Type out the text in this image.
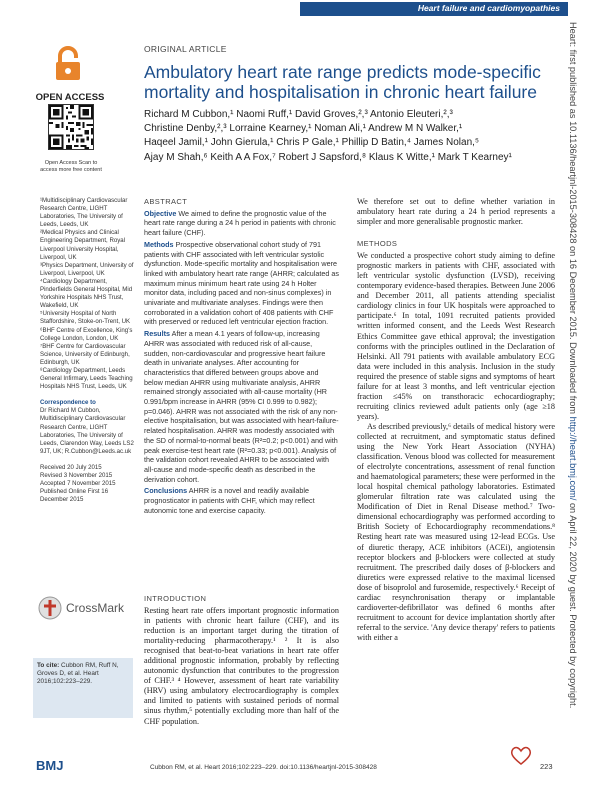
Heart failure and cardiomyopathies
OPEN ACCESS
Open Access Scan to access more free content
ORIGINAL ARTICLE
Ambulatory heart rate range predicts mode-specific mortality and hospitalisation in chronic heart failure
Richard M Cubbon,¹ Naomi Ruff,¹ David Groves,²,³ Antonio Eleuteri,²,³
Christine Denby,²,³ Lorraine Kearney,¹ Noman Ali,¹ Andrew M N Walker,¹
Haqeel Jamil,¹ John Gierula,¹ Chris P Gale,¹ Phillip D Batin,⁴ James Nolan,⁵
Ajay M Shah,⁶ Keith A A Fox,⁷ Robert J Sapsford,⁸ Klaus K Witte,¹ Mark T Kearney¹
¹Multidisciplinary Cardiovascular Research Centre, LIGHT Laboratories, The University of Leeds, Leeds, UK
²Medical Physics and Clinical Engineering Department, Royal Liverpool University Hospital, Liverpool, UK
³Physics Department, University of Liverpool, Liverpool, UK
⁴Cardiology Department, Pinderfields General Hospital, Mid Yorkshire Hospitals NHS Trust, Wakefield, UK
⁵University Hospital of North Staffordshire, Stoke-on-Trent, UK
⁶BHF Centre of Excellence, King's College London, London, UK
⁷BHF Centre for Cardiovascular Science, University of Edinburgh, Edinburgh, UK
⁸Cardiology Department, Leeds General Infirmary, Leeds Teaching Hospitals NHS Trust, Leeds, UK
Correspondence to
Dr Richard M Cubbon, Multidisciplinary Cardiovascular Research Centre, LIGHT Laboratories, The University of Leeds, Clarendon Way, Leeds LS2 9JT, UK; R.Cubbon@Leeds.ac.uk
Received 20 July 2015
Revised 3 November 2015
Accepted 7 November 2015
Published Online First 16 December 2015
CrossMark
To cite: Cubbon RM, Ruff N, Groves D, et al. Heart 2016;102:223–229.
ABSTRACT

Objective We aimed to define the prognostic value of the heart rate range during a 24 h period in patients with chronic heart failure (CHF).

Methods Prospective observational cohort study of 791 patients with CHF associated with left ventricular systolic dysfunction. Mode-specific mortality and hospitalisation were linked with ambulatory heart rate range (AHRR; calculated as maximum minus minimum heart rate using 24 h Holter monitor data, including paced and non-sinus complexes) in univariate and multivariate analyses. Findings were then corroborated in a validation cohort of 408 patients with CHF with preserved or reduced left ventricular ejection fraction.

Results After a mean 4.1 years of follow-up, increasing AHRR was associated with reduced risk of all-cause, sudden, non-cardiovascular and progressive heart failure death in univariate analyses. After accounting for characteristics that differed between groups above and below median AHRR using multivariate analysis, AHRR remained strongly associated with all-cause mortality (HR 0.991/bpm increase in AHRR (95% CI 0.999 to 0.982); p=0.046). AHRR was not associated with the risk of any non-elective hospitalisation, but was associated with heart-failure-related hospitalisation. AHRR was modestly associated with the SD of normal-to-normal beats (R²=0.2; p<0.001) and with peak exercise-test heart rate (R²=0.33; p<0.001). Analysis of the validation cohort revealed AHRR to be associated with all-cause and mode-specific death as described in the derivation cohort.

Conclusions AHRR is a novel and readily available prognosticator in patients with CHF, which may reflect autonomic tone and exercise capacity.

INTRODUCTION
Resting heart rate offers important prognostic information in patients with chronic heart failure (CHF), and its reduction is an important target during the titration of mortality-reducing pharmacotherapy.¹ ² It is also recognised that beat-to-beat variations in heart rate offer additional prognostic information, probably by reflecting autonomic dysfunction that contributes to the progression of CHF.³ ⁴ However, assessment of heart rate variability (HRV) using ambulatory electrocardiography is complex and limited to patients with sustained periods of normal sinus rhythm,⁵ potentially excluding more than half of the CHF population.
We therefore set out to define whether variation in ambulatory heart rate during a 24 h period represents a simpler and more generalisable prognostic marker.
METHODS
We conducted a prospective cohort study aiming to define prognostic markers in patients with CHF, associated with left ventricular systolic dysfunction (LVSD), receiving contemporary evidence-based therapies. Between June 2006 and December 2011, all patients attending specialist cardiology clinics in four UK hospitals were approached to participate.⁶ In total, 1091 recruited patients provided written informed consent, and the Leeds West Research Ethics Committee gave ethical approval; the investigation conforms with the principles outlined in the Declaration of Helsinki. All 791 patients with available ambulatory ECG data were included in this analysis. Inclusion in the study required the presence of stable signs and symptoms of heart failure for at least 3 months, and left ventricular ejection fraction ≤45% on transthoracic echocardiography; recruiting clinics reviewed adult patients only (age ≥18 years).
As described previously,⁶ details of medical history were collected at recruitment, and symptomatic status defined using the New York Heart Association (NYHA) classification. Venous blood was collected for measurement of electrolyte concentrations, assessment of renal function and haematological parameters; these were performed in the local hospital chemical pathology laboratories. Estimated glomerular filtration rate was calculated using the Modification of Diet in Renal Disease method.⁷ Two-dimensional echocardiography was performed according to British Society of Echocardiography recommendations.⁸ Resting heart rate was measured using 12-lead ECGs. Use of diuretic therapy, ACE inhibitors (ACEi), angiotensin receptor blockers and β-blockers were collected at study recruitment. The prescribed daily doses of β-blockers and diuretics were expressed relative to the maximal licensed dose of bisoprolol and furosemide, respectively.⁶ Receipt of cardiac resynchronisation therapy or implantable cardioverter-defibrillator was defined 6 months after recruitment to account for device implantation shortly after referral to the service. 'Any device therapy' refers to patients with either a
BMJ	Cubbon RM, et al. Heart 2016;102:223–229. doi:10.1136/heartjnl-2015-308428	223
Heart: first published as 10.1136/heartjnl-2015-308428 on 16 December 2015. Downloaded from http://heart.bmj.com/ on April 22, 2020 by guest. Protected by copyright.
